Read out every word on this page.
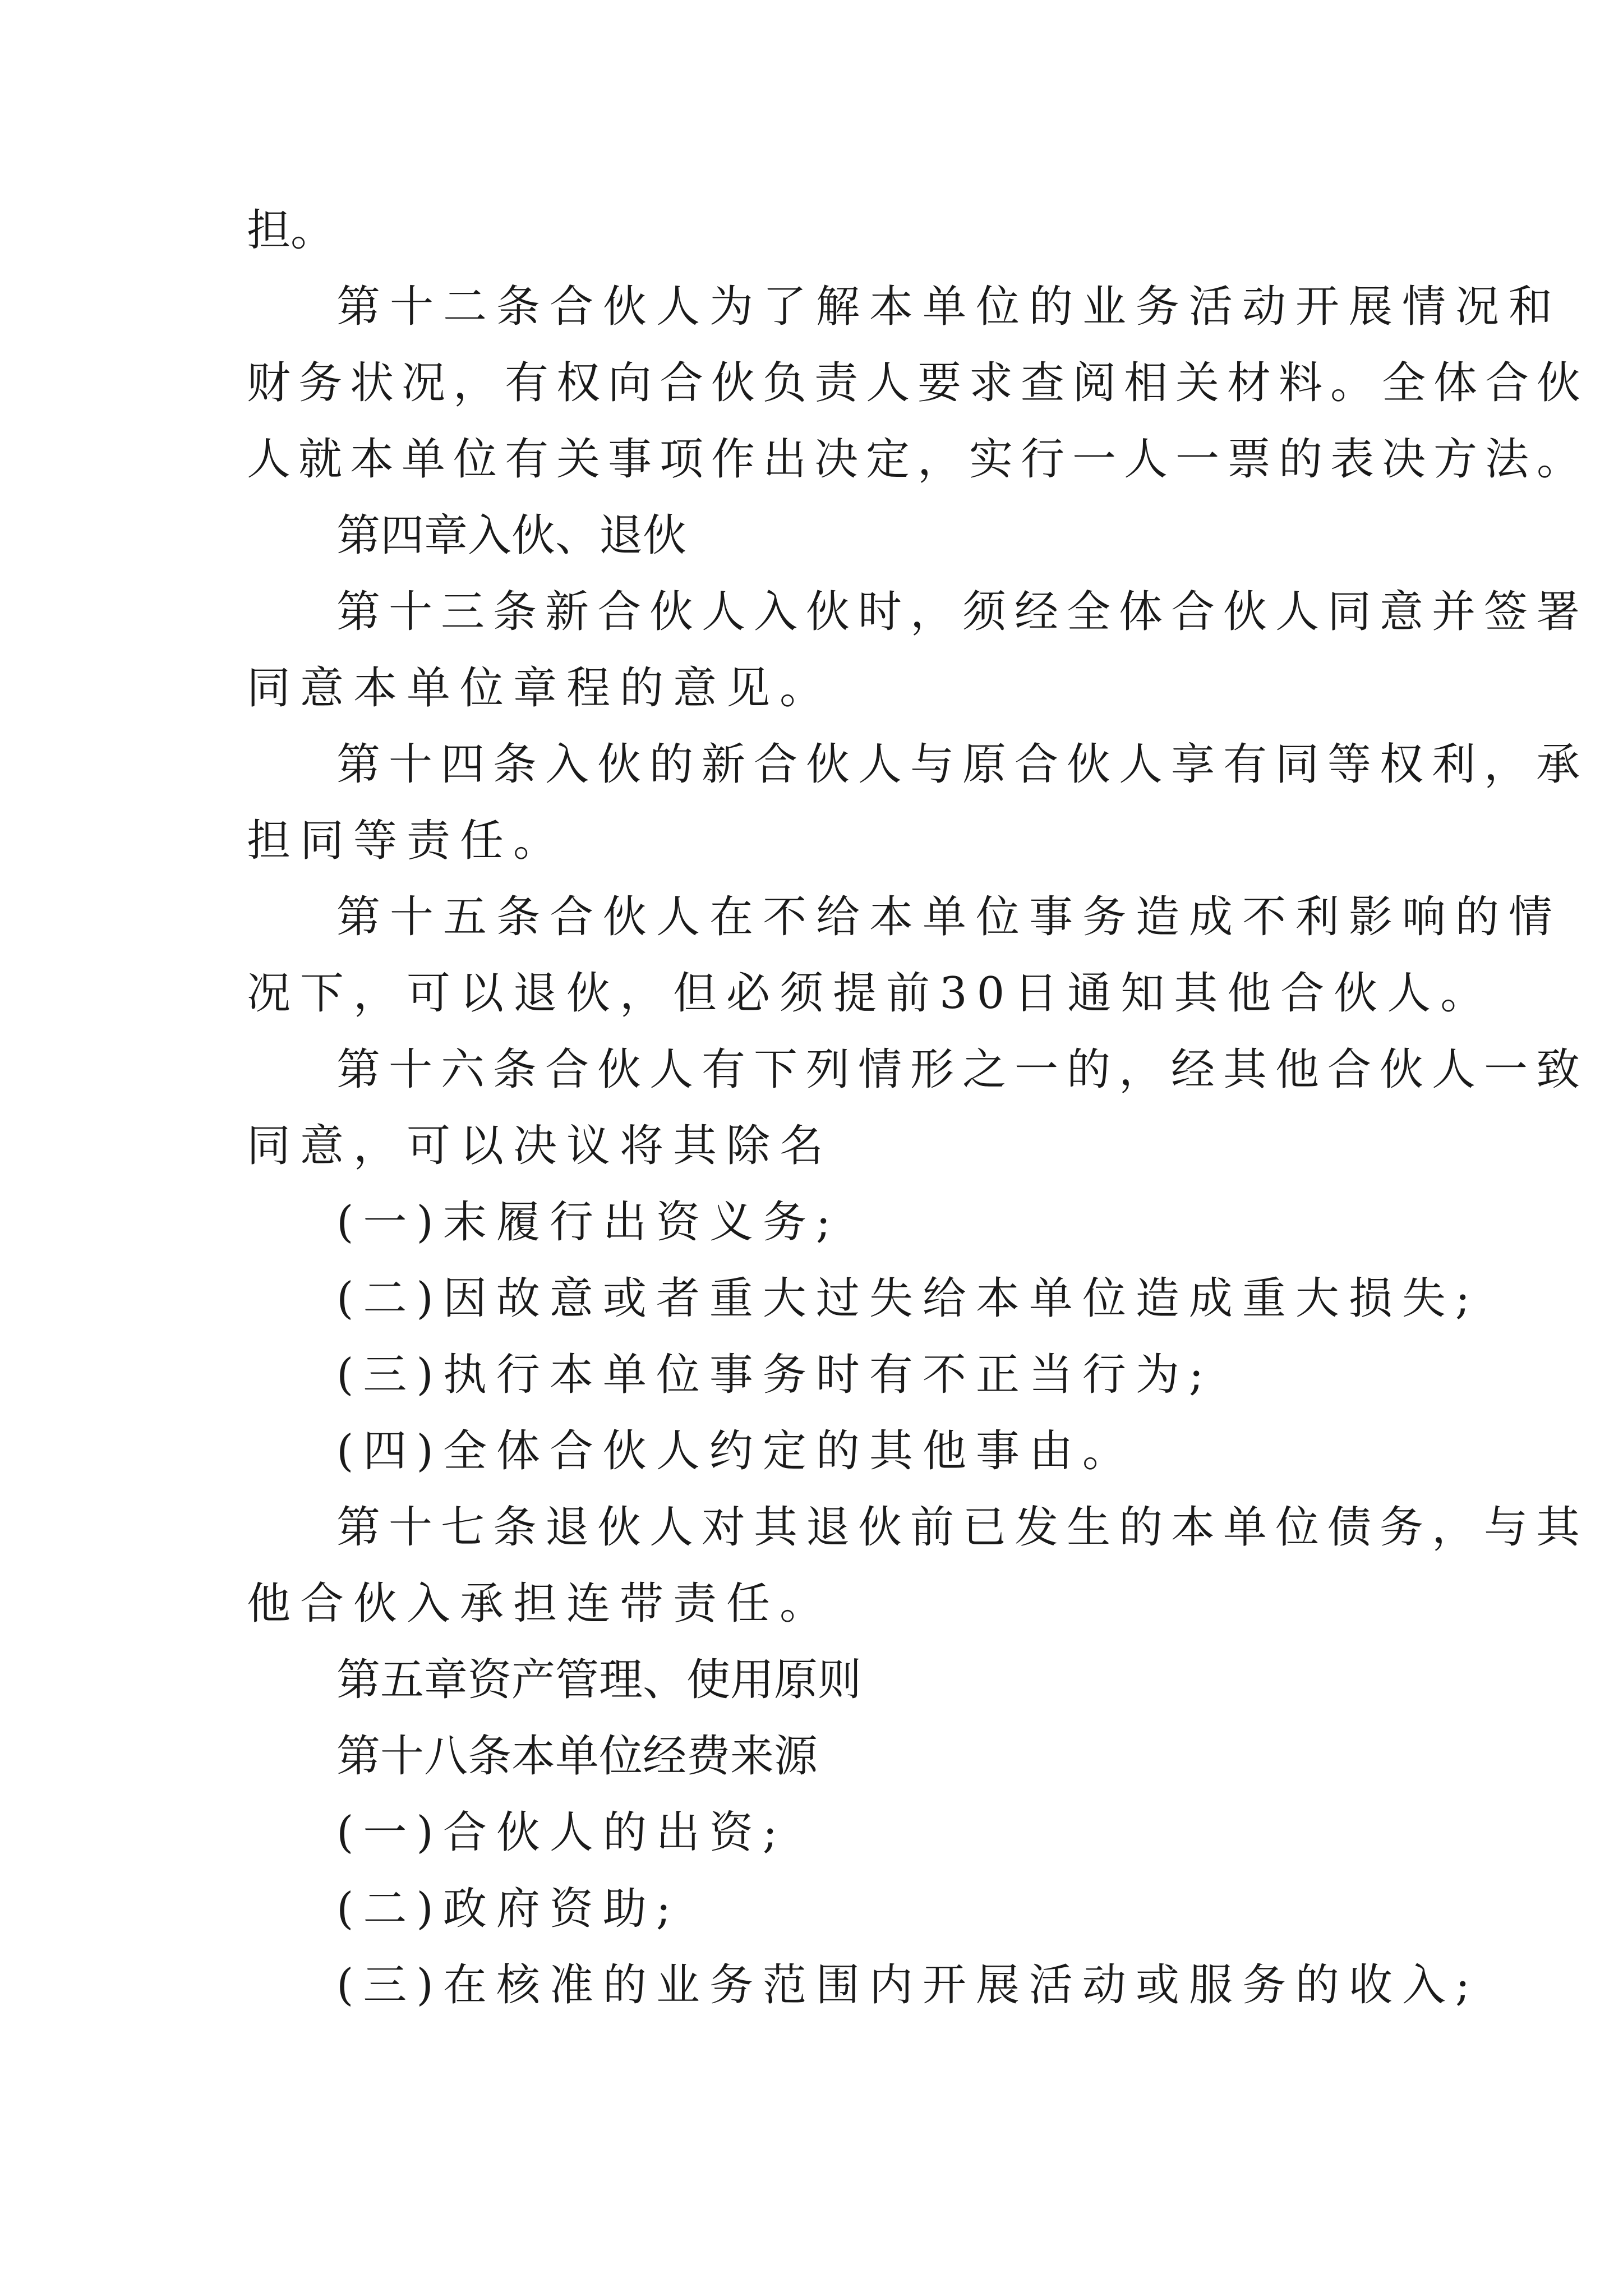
担。
第十二条合伙人为了解本单位的业务活动开展情况和
财务状况，有权向合伙负责人要求查阅相关材料。全体合伙
人就本单位有关事项作出决定，实行一人一票的表决方法。
第四章入伙、退伙
第十三条新合伙人入伙时，须经全体合伙人同意并签署
同意本单位章程的意见。
第十四条入伙的新合伙人与原合伙人享有同等权利，承
担同等责任。
第十五条合伙人在不给本单位事务造成不利影响的情
况下，可以退伙，但必须提前30日通知其他合伙人。
第十六条合伙人有下列情形之一的，经其他合伙人一致
同意，可以决议将其除名
(一)末履行出资义务;
(二)因故意或者重大过失给本单位造成重大损失;
(三)执行本单位事务时有不正当行为;
(四)全体合伙人约定的其他事由。
第十七条退伙人对其退伙前已发生的本单位债务，与其
他合伙入承担连带责任。
第五章资产管理、使用原则
第十八条本单位经费来源
(一)合伙人的出资;
(二)政府资助;
(三)在核准的业务范围内开展活动或服务的收入;
